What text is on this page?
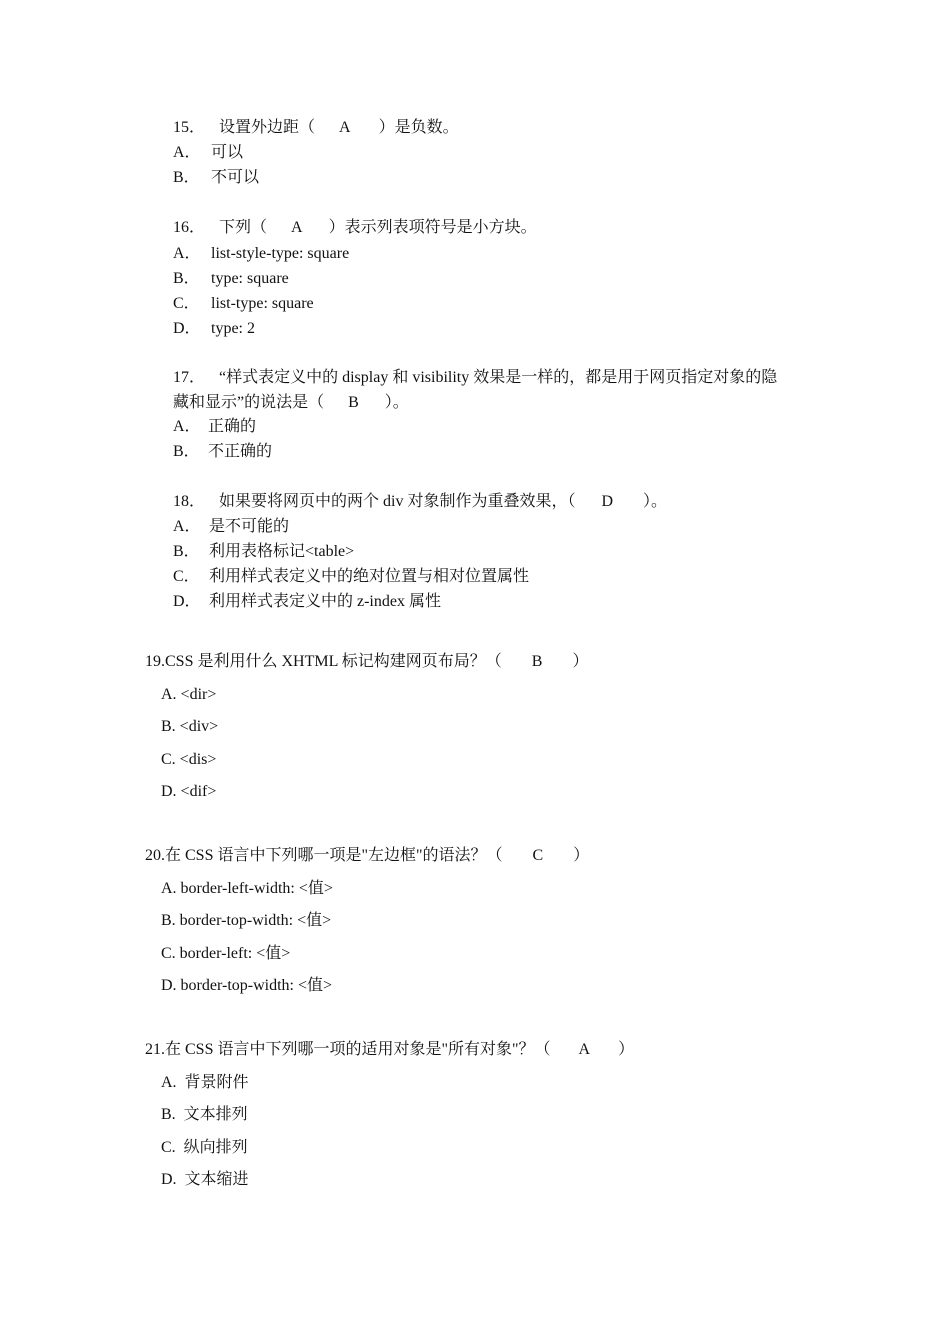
15． 设置外边距（ A ）是负数。
A． 可以
B． 不可以
16． 下列（ A ）表示列表项符号是小方块。
A． list-style-type: square
B． type: square
C． list-type: square
D． type: 2
17． “样式表定义中的 display 和 visibility 效果是一样的，都是用于网页指定对象的隐
藏和显示”的说法是（ B ）。
A． 正确的
B． 不正确的
18． 如果要将网页中的两个 div 对象制作为重叠效果，（ D ）。
A． 是不可能的
B． 利用表格标记<table>
C． 利用样式表定义中的绝对位置与相对位置属性
D． 利用样式表定义中的 z-index 属性
19.CSS 是利用什么 XHTML 标记构建网页布局？（ B ）
A. <dir>
B. <div>
C. <dis>
D. <dif>
20.在 CSS 语言中下列哪一项是"左边框"的语法？（ C ）
A. border-left-width: <值>
B. border-top-width: <值>
C. border-left: <值>
D. border-top-width: <值>
21.在 CSS 语言中下列哪一项的适用对象是"所有对象"？（ A ）
A.  背景附件
B.  文本排列
C.  纵向排列
D.  文本缩进
